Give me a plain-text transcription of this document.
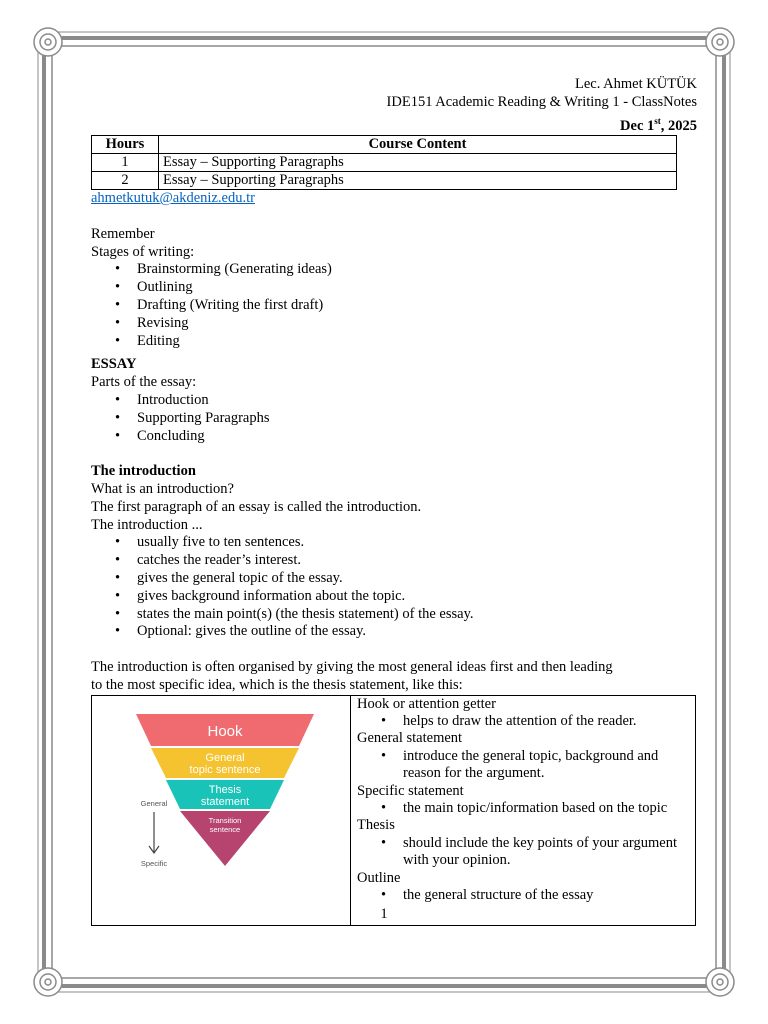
Lec. Ahmet KÜTÜK
IDE151 Academic Reading & Writing 1 - ClassNotes
Dec 1st, 2025
Hours	Course Content
1	Essay – Supporting Paragraphs
2	Essay – Supporting Paragraphs
ahmetkutuk@akdeniz.edu.tr
Remember
Stages of writing:
• Brainstorming (Generating ideas)
• Outlining
• Drafting (Writing the first draft)
• Revising
• Editing
ESSAY
Parts of the essay:
• Introduction
• Supporting Paragraphs
• Concluding
The introduction
What is an introduction?
The first paragraph of an essay is called the introduction.
The introduction ...
• usually five to ten sentences.
• catches the reader’s interest.
• gives the general topic of the essay.
• gives background information about the topic.
• states the main point(s) (the thesis statement) of the essay.
• Optional: gives the outline of the essay.
The introduction is often organised by giving the most general ideas first and then leading
to the most specific idea, which is the thesis statement, like this:
Hook
General
topic sentence
Thesis
statement
Transition
sentence
General
Specific

Hook or attention getter
• helps to draw the attention of the reader.
General statement
• introduce the general topic, background and reason for the argument.
Specific statement
• the main topic/information based on the topic
Thesis
• should include the key points of your argument with your opinion.
Outline
• the general structure of the essay
1
